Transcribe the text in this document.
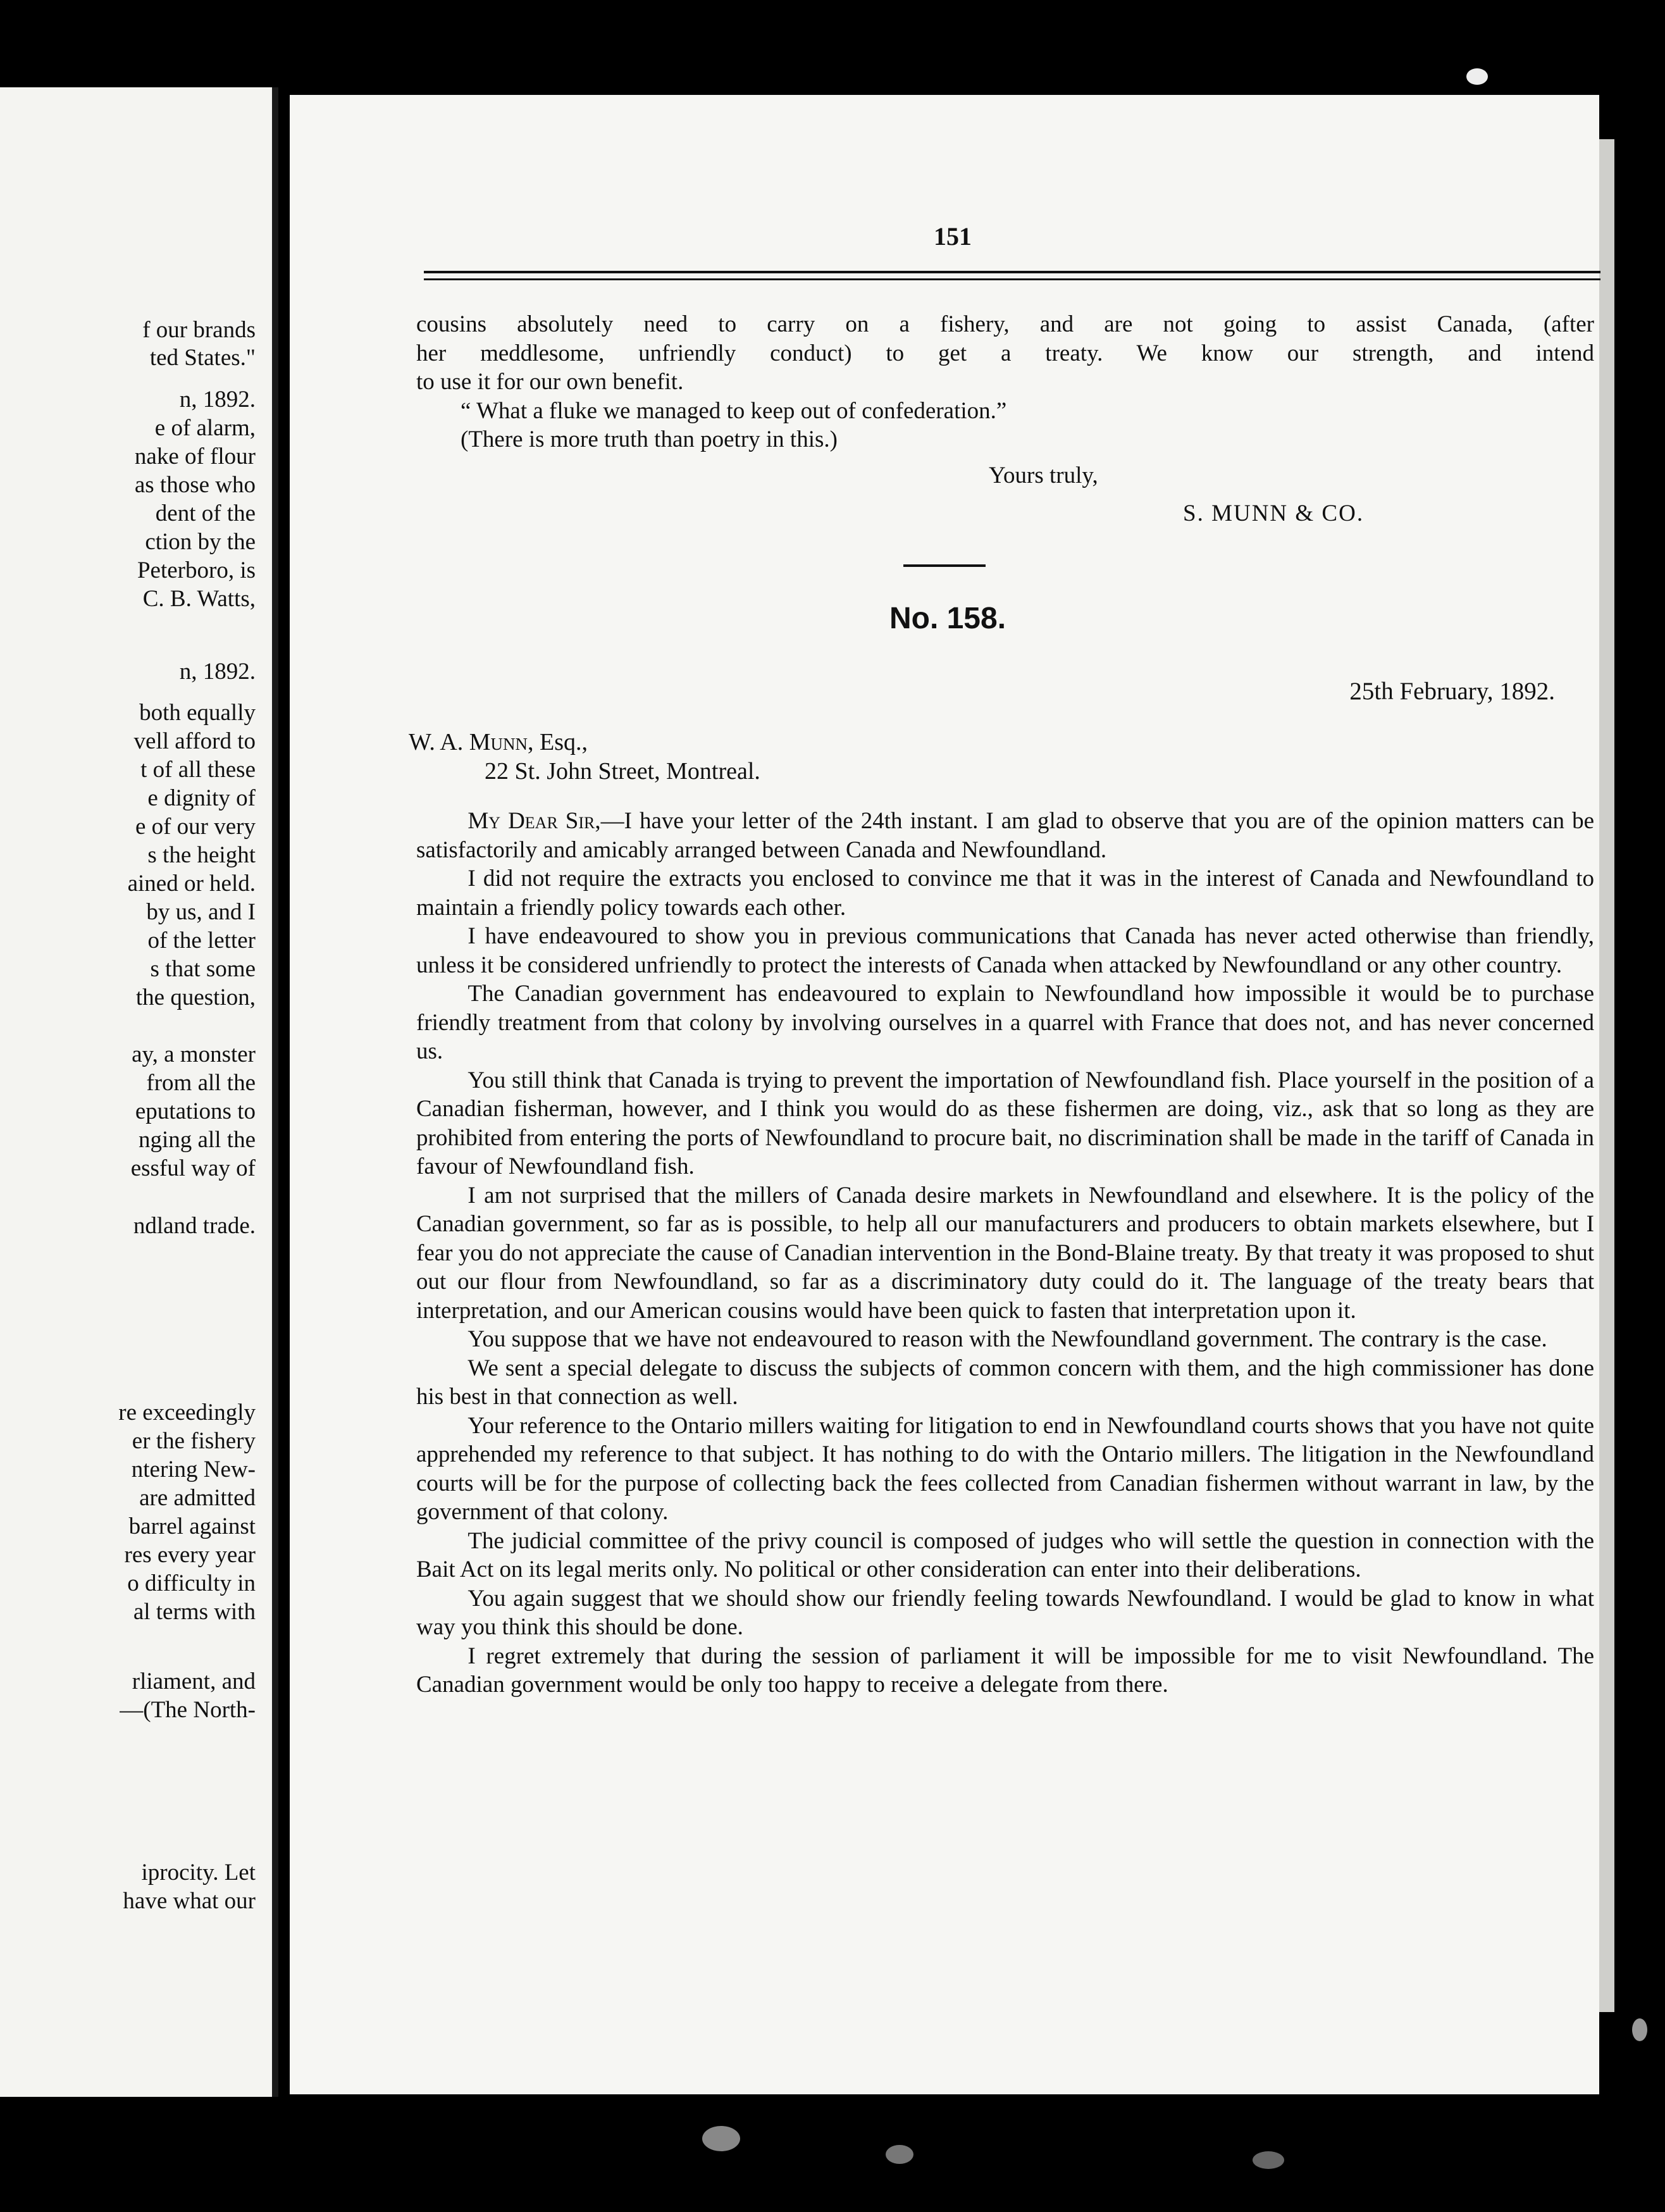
f our brands
ted States."
n, 1892.
e of alarm,
nake of flour
as those who
dent of the
ction by the
Peterboro, is
C. B. Watts,
n, 1892.
both equally
vell afford to
t of all these
e dignity of
e of our very
s the height
ained or held.
by us, and I
of the letter
s that some
the question,
ay, a monster
from all the
eputations to
nging all the
essful way of
ndland trade.
re exceedingly
er the fishery
ntering New-
are admitted
barrel against
res every year
o difficulty in
al terms with
rliament, and
—(The North-
iprocity. Let
have what our
151
cousins absolutely need to carry on a fishery, and are not going to assist Canada, (after
her meddlesome, unfriendly conduct) to get a treaty. We know our strength, and intend
to use it for our own benefit.
“ What a fluke we managed to keep out of confederation.”
(There is more truth than poetry in this.)
Yours truly,
S. MUNN & CO.
No. 158.
25th February, 1892.
W. A. Munn, Esq.,
22 St. John Street, Montreal.

My Dear Sir,—I have your letter of the 24th instant. I am glad to observe that you are of the opinion matters can be satisfactorily and amicably arranged between Canada and Newfoundland.

I did not require the extracts you enclosed to convince me that it was in the interest of Canada and Newfoundland to maintain a friendly policy towards each other.

I have endeavoured to show you in previous communications that Canada has never acted otherwise than friendly, unless it be considered unfriendly to protect the interests of Canada when attacked by Newfoundland or any other country.

The Canadian government has endeavoured to explain to Newfoundland how impossible it would be to purchase friendly treatment from that colony by involving ourselves in a quarrel with France that does not, and has never concerned us.

You still think that Canada is trying to prevent the importation of Newfoundland fish. Place yourself in the position of a Canadian fisherman, however, and I think you would do as these fishermen are doing, viz., ask that so long as they are prohibited from entering the ports of Newfoundland to procure bait, no discrimination shall be made in the tariff of Canada in favour of Newfoundland fish.

I am not surprised that the millers of Canada desire markets in Newfoundland and elsewhere. It is the policy of the Canadian government, so far as is possible, to help all our manufacturers and producers to obtain markets elsewhere, but I fear you do not appreciate the cause of Canadian intervention in the Bond-Blaine treaty. By that treaty it was proposed to shut out our flour from Newfoundland, so far as a discriminatory duty could do it. The language of the treaty bears that interpretation, and our American cousins would have been quick to fasten that interpretation upon it.

You suppose that we have not endeavoured to reason with the Newfoundland government. The contrary is the case.

We sent a special delegate to discuss the subjects of common concern with them, and the high commissioner has done his best in that connection as well.

Your reference to the Ontario millers waiting for litigation to end in Newfoundland courts shows that you have not quite apprehended my reference to that subject. It has nothing to do with the Ontario millers. The litigation in the Newfoundland courts will be for the purpose of collecting back the fees collected from Canadian fishermen without warrant in law, by the government of that colony.

The judicial committee of the privy council is composed of judges who will settle the question in connection with the Bait Act on its legal merits only. No political or other consideration can enter into their deliberations.

You again suggest that we should show our friendly feeling towards Newfoundland. I would be glad to know in what way you think this should be done.

I regret extremely that during the session of parliament it will be impossible for me to visit Newfoundland. The Canadian government would be only too happy to receive a delegate from there.
